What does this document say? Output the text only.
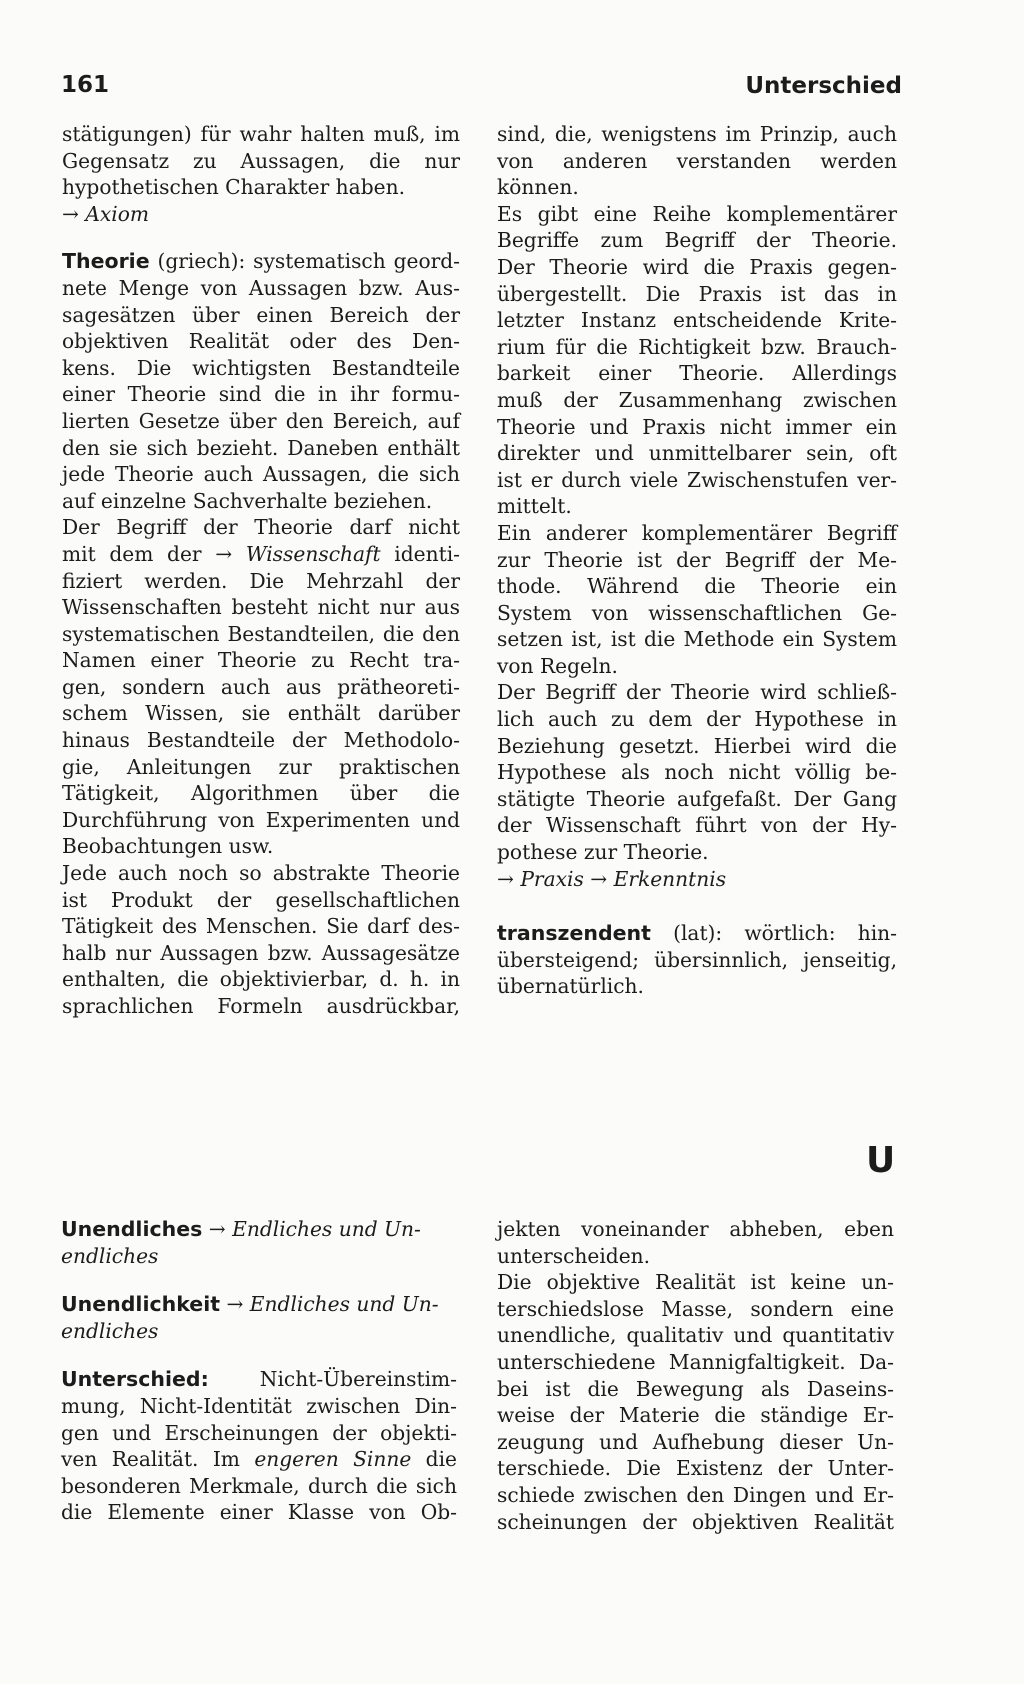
161	Unterschied
stätigungen) für wahr halten muß, im
Gegensatz zu Aussagen, die nur
hypothetischen Charakter haben.
→ Axiom
Theorie (griech): systematisch geord-
nete Menge von Aussagen bzw. Aus-
sagesätzen über einen Bereich der
objektiven Realität oder des Den-
kens. Die wichtigsten Bestandteile
einer Theorie sind die in ihr formu-
lierten Gesetze über den Bereich, auf
den sie sich bezieht. Daneben enthält
jede Theorie auch Aussagen, die sich
auf einzelne Sachverhalte beziehen.
Der Begriff der Theorie darf nicht
mit dem der → Wissenschaft identi-
fiziert werden. Die Mehrzahl der
Wissenschaften besteht nicht nur aus
systematischen Bestandteilen, die den
Namen einer Theorie zu Recht tra-
gen, sondern auch aus prätheoreti-
schem Wissen, sie enthält darüber
hinaus Bestandteile der Methodolo-
gie, Anleitungen zur praktischen
Tätigkeit, Algorithmen über die
Durchführung von Experimenten und
Beobachtungen usw.
Jede auch noch so abstrakte Theorie
ist Produkt der gesellschaftlichen
Tätigkeit des Menschen. Sie darf des-
halb nur Aussagen bzw. Aussagesätze
enthalten, die objektivierbar, d. h. in
sprachlichen Formeln ausdrückbar,
sind, die, wenigstens im Prinzip, auch
von anderen verstanden werden
können.
Es gibt eine Reihe komplementärer
Begriffe zum Begriff der Theorie.
Der Theorie wird die Praxis gegen-
übergestellt. Die Praxis ist das in
letzter Instanz entscheidende Krite-
rium für die Richtigkeit bzw. Brauch-
barkeit einer Theorie. Allerdings
muß der Zusammenhang zwischen
Theorie und Praxis nicht immer ein
direkter und unmittelbarer sein, oft
ist er durch viele Zwischenstufen ver-
mittelt.
Ein anderer komplementärer Begriff
zur Theorie ist der Begriff der Me-
thode. Während die Theorie ein
System von wissenschaftlichen Ge-
setzen ist, ist die Methode ein System
von Regeln.
Der Begriff der Theorie wird schließ-
lich auch zu dem der Hypothese in
Beziehung gesetzt. Hierbei wird die
Hypothese als noch nicht völlig be-
stätigte Theorie aufgefaßt. Der Gang
der Wissenschaft führt von der Hy-
pothese zur Theorie.
→ Praxis → Erkenntnis
transzendent (lat): wörtlich: hin-
übersteigend; übersinnlich, jenseitig,
übernatürlich.
U
Unendliches → Endliches und Un-
endliches
Unendlichkeit → Endliches und Un-
endliches
Unterschied:	Nicht-Übereinstim-
mung, Nicht-Identität zwischen Din-
gen und Erscheinungen der objekti-
ven Realität. Im engeren Sinne die
besonderen Merkmale, durch die sich
die Elemente einer Klasse von Ob-
jekten voneinander abheben, eben
unterscheiden.
Die objektive Realität ist keine un-
terschiedslose Masse, sondern eine
unendliche, qualitativ und quantitativ
unterschiedene Mannigfaltigkeit. Da-
bei ist die Bewegung als Daseins-
weise der Materie die ständige Er-
zeugung und Aufhebung dieser Un-
terschiede. Die Existenz der Unter-
schiede zwischen den Dingen und Er-
scheinungen der objektiven Realität
